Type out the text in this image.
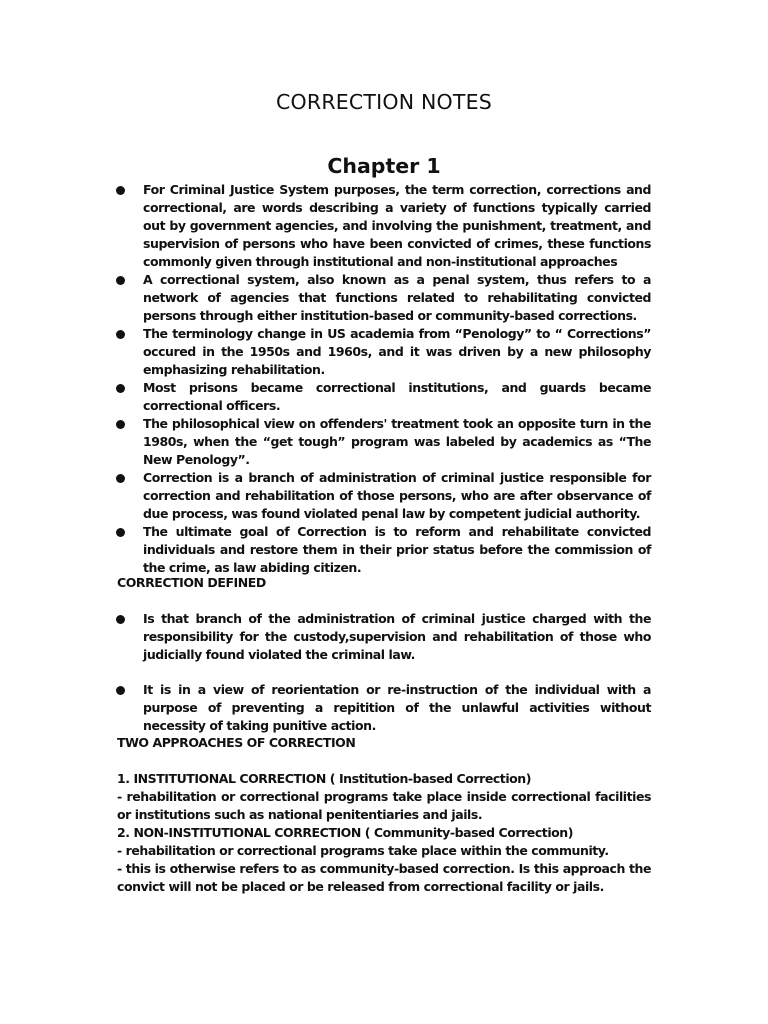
CORRECTION NOTES
Chapter 1
For Criminal Justice System purposes, the term correction, corrections and correctional, are words describing a variety of functions typically carried out by government agencies, and involving the punishment, treatment, and supervision of persons who have been convicted of crimes, these functions commonly given through institutional and non-institutional approaches
A correctional system, also known as a penal system, thus refers to a network of agencies that functions related to rehabilitating convicted persons through either institution-based or community-based corrections.
The terminology change in US academia from “Penology” to “ Corrections” occured in the 1950s and 1960s, and it was driven by a new philosophy emphasizing rehabilitation.
Most prisons became correctional institutions, and guards became correctional officers.
The philosophical view on offenders' treatment took an opposite turn in the 1980s, when the “get tough” program was labeled by academics as “The New Penology”.
Correction is a branch of administration of criminal justice responsible for correction and rehabilitation of those persons, who are after observance of due process, was found violated penal law by competent judicial authority.
The ultimate goal of Correction is to reform and rehabilitate convicted individuals and restore them in their prior status before the commission of the crime, as law abiding citizen.
CORRECTION DEFINED
Is that branch of the administration of criminal justice charged with the responsibility for the custody,supervision and rehabilitation of those who judicially found violated the criminal law.
It is in a view of reorientation or re-instruction of the individual with a purpose of preventing a repitition of the unlawful activities without necessity of taking punitive action.
TWO APPROACHES OF CORRECTION
1. INSTITUTIONAL CORRECTION ( Institution-based Correction)
- rehabilitation or correctional programs take place inside correctional facilities or institutions such as national penitentiaries and jails.
2. NON-INSTITUTIONAL CORRECTION ( Community-based Correction)
- rehabilitation or correctional programs take place within the community.
- this is otherwise refers to as community-based correction. Is this approach the convict will not be placed or be released from correctional facility or jails.
